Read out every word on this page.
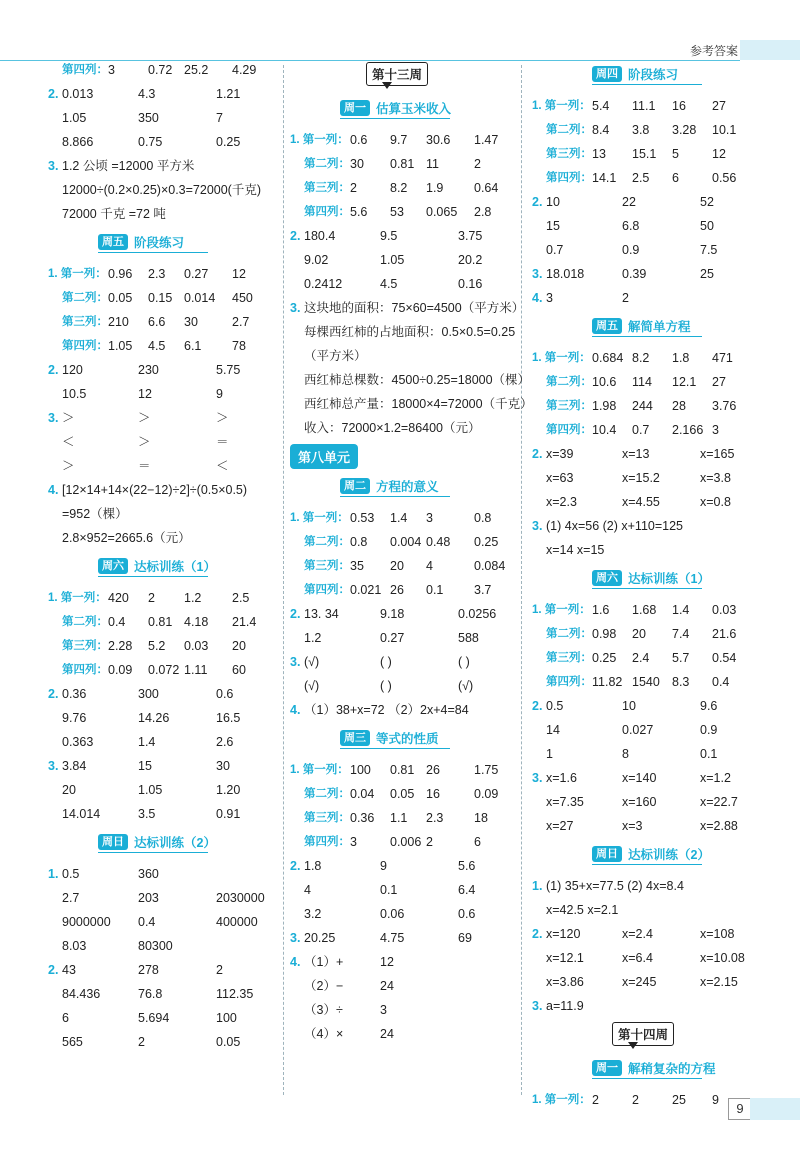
参考答案
第四列： 3	0.72 25.2 4.29
2. 0.013	4.3	1.21
1.05	350	7
8.866	0.75	0.25
3. 1.2 公顷 =12000 平方米
12000÷(0.2×0.25)×0.3=72000(千克)
72000 千克 =72 吨
周五 阶段练习
1. 第一列： 0.96 2.3 0.27 12
第二列： 0.05 0.15 0.014 450
第三列： 210 6.6 30	2.7
第四列： 1.05 4.5 6.1 78
2. 120	230	5.75
10.5	12	9
3. ＞	＞	＞
＜	＞	＝
＞	＝	＜
4. [12×14+14×(22−12)÷2]÷(0.5×0.5)
=952（棵）
2.8×952=2665.6（元）
周六 达标训练（1）
1. 第一列： 420 2 1.2 2.5
第二列： 0.4 0.81 4.18 21.4
第三列： 2.28 5.2 0.03 20
第四列： 0.09 0.072 1.11 60
2. 0.36	300	0.6
9.76	14.26	16.5
0.363	1.4	2.6
3. 3.84	15	30
20	1.05	1.20
14.014	3.5	0.91
周日 达标训练（2）
1. 0.5	360
2.7	203	2030000
9000000 0.4	400000
8.03	80300
2. 43	278	2
84.436	76.8	112.35
6	5.694	100
565	2	0.05
第十三周
周一 估算玉米收入
1. 第一列： 0.6 9.7 30.6 1.47
第二列： 30 0.81 11	2
第三列： 2	8.2 1.9 0.64
第四列： 5.6 53 0.065 2.8
2. 180.4	9.5	3.75
9.02	1.05	20.2
0.2412	4.5	0.16
3. 这块地的面积：75×60=4500（平方米）
每棵西红柿的占地面积：0.5×0.5=0.25
（平方米）
西红柿总棵数：4500÷0.25=18000（棵）
西红柿总产量：18000×4=72000（千克）
收入：72000×1.2=86400（元）
第八单元
周二 方程的意义
1. 第一列： 0.53 1.4 3	0.8
第二列： 0.8 0.004 0.48 0.25
第三列： 35 20 4	0.084
第四列： 0.021 26 0.1 3.7
2. 13. 34	9.18	0.0256
1.2	0.27	588
3. (√)	( )	( )
(√)	( )	(√)
4. （1）38+x=72 （2）2x+4=84
周三 等式的性质
1. 第一列： 100 0.81 26	1.75
第二列： 0.04 0.05 16	0.09
第三列： 0.36 1.1 2.3 18
第四列： 3	0.006 2	6
2. 1.8	9	5.6
4	0.1	6.4
3.2	0.06	0.6
3. 20.25	4.75	69
4. （1）+	12
（2）−	24
（3）÷	3
（4）×	24
周四 阶段练习
1. 第一列： 5.4 11.1 16 27
第二列： 8.4 3.8 3.28 10.1
第三列： 13 15.1 5	12
第四列： 14.1 2.5 6	0.56
2. 10	22	52
15	6.8	50
0.7	0.9	7.5
3. 18.018	0.39	25
4. 3	2
周五 解简单方程
1. 第一列： 0.684 8.2 1.8 471
第二列： 10.6 114 12.1 27
第三列： 1.98 244 28 3.76
第四列： 10.4 0.7 2.166 3
2. x=39	x=13	x=165
x=63	x=15.2	x=3.8
x=2.3	x=4.55	x=0.8
3. (1) 4x=56 (2) x+110=125
x=14 x=15
周六 达标训练（1）
1. 第一列： 1.6 1.68 1.4 0.03
第二列： 0.98 20 7.4 21.6
第三列： 0.25 2.4 5.7 0.54
第四列： 11.82 1540 8.3 0.4
2. 0.5	10	9.6
14	0.027	0.9
1	8	0.1
3. x=1.6	x=140	x=1.2
x=7.35	x=160	x=22.7
x=27	x=3	x=2.88
周日 达标训练（2）
1. (1) 35+x=77.5 (2) 4x=8.4
x=42.5 x=2.1
2. x=120	x=2.4	x=108
x=12.1	x=6.4	x=10.08
x=3.86	x=245	x=2.15
3. a=11.9
第十四周
周一 解稍复杂的方程
1. 第一列： 2	2	25 9
9
